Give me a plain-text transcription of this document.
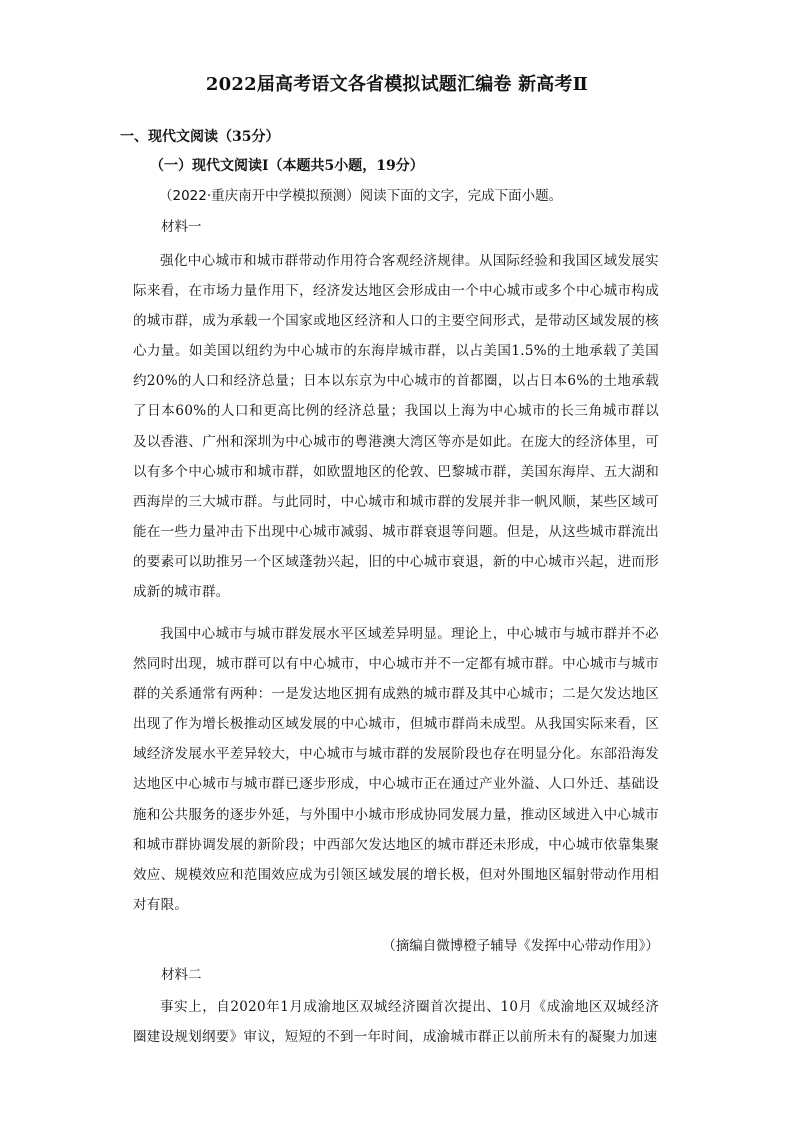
2022届高考语文各省模拟试题汇编卷 新高考Ⅱ
一、现代文阅读（35分）
（一）现代文阅读Ⅰ（本题共5小题，19分）
（2022·重庆南开中学模拟预测）阅读下面的文字，完成下面小题。
材料一
强化中心城市和城市群带动作用符合客观经济规律。从国际经验和我国区域发展实际来看，在市场力量作用下，经济发达地区会形成由一个中心城市或多个中心城市构成的城市群，成为承载一个国家或地区经济和人口的主要空间形式，是带动区域发展的核心力量。如美国以纽约为中心城市的东海岸城市群，以占美国1.5%的土地承载了美国约20%的人口和经济总量；日本以东京为中心城市的首都圈，以占日本6%的土地承载了日本60%的人口和更高比例的经济总量；我国以上海为中心城市的长三角城市群以及以香港、广州和深圳为中心城市的粤港澳大湾区等亦是如此。在庞大的经济体里，可以有多个中心城市和城市群，如欧盟地区的伦敦、巴黎城市群，美国东海岸、五大湖和西海岸的三大城市群。与此同时，中心城市和城市群的发展并非一帆风顺，某些区域可能在一些力量冲击下出现中心城市减弱、城市群衰退等问题。但是，从这些城市群流出的要素可以助推另一个区域蓬勃兴起，旧的中心城市衰退，新的中心城市兴起，进而形成新的城市群。
我国中心城市与城市群发展水平区域差异明显。理论上，中心城市与城市群并不必然同时出现，城市群可以有中心城市，中心城市并不一定都有城市群。中心城市与城市群的关系通常有两种：一是发达地区拥有成熟的城市群及其中心城市；二是欠发达地区出现了作为增长极推动区域发展的中心城市，但城市群尚未成型。从我国实际来看，区域经济发展水平差异较大，中心城市与城市群的发展阶段也存在明显分化。东部沿海发达地区中心城市与城市群已逐步形成，中心城市正在通过产业外溢、人口外迁、基础设施和公共服务的逐步外延，与外围中小城市形成协同发展力量，推动区域进入中心城市和城市群协调发展的新阶段；中西部欠发达地区的城市群还未形成，中心城市依靠集聚效应、规模效应和范围效应成为引领区域发展的增长极，但对外围地区辐射带动作用相对有限。
（摘编自微博橙子辅导《发挥中心带动作用》）
材料二
事实上，自2020年1月成渝地区双城经济圈首次提出、10月《成渝地区双城经济圈建设规划纲要》审议，短短的不到一年时间，成渝城市群正以前所未有的凝聚力加速
